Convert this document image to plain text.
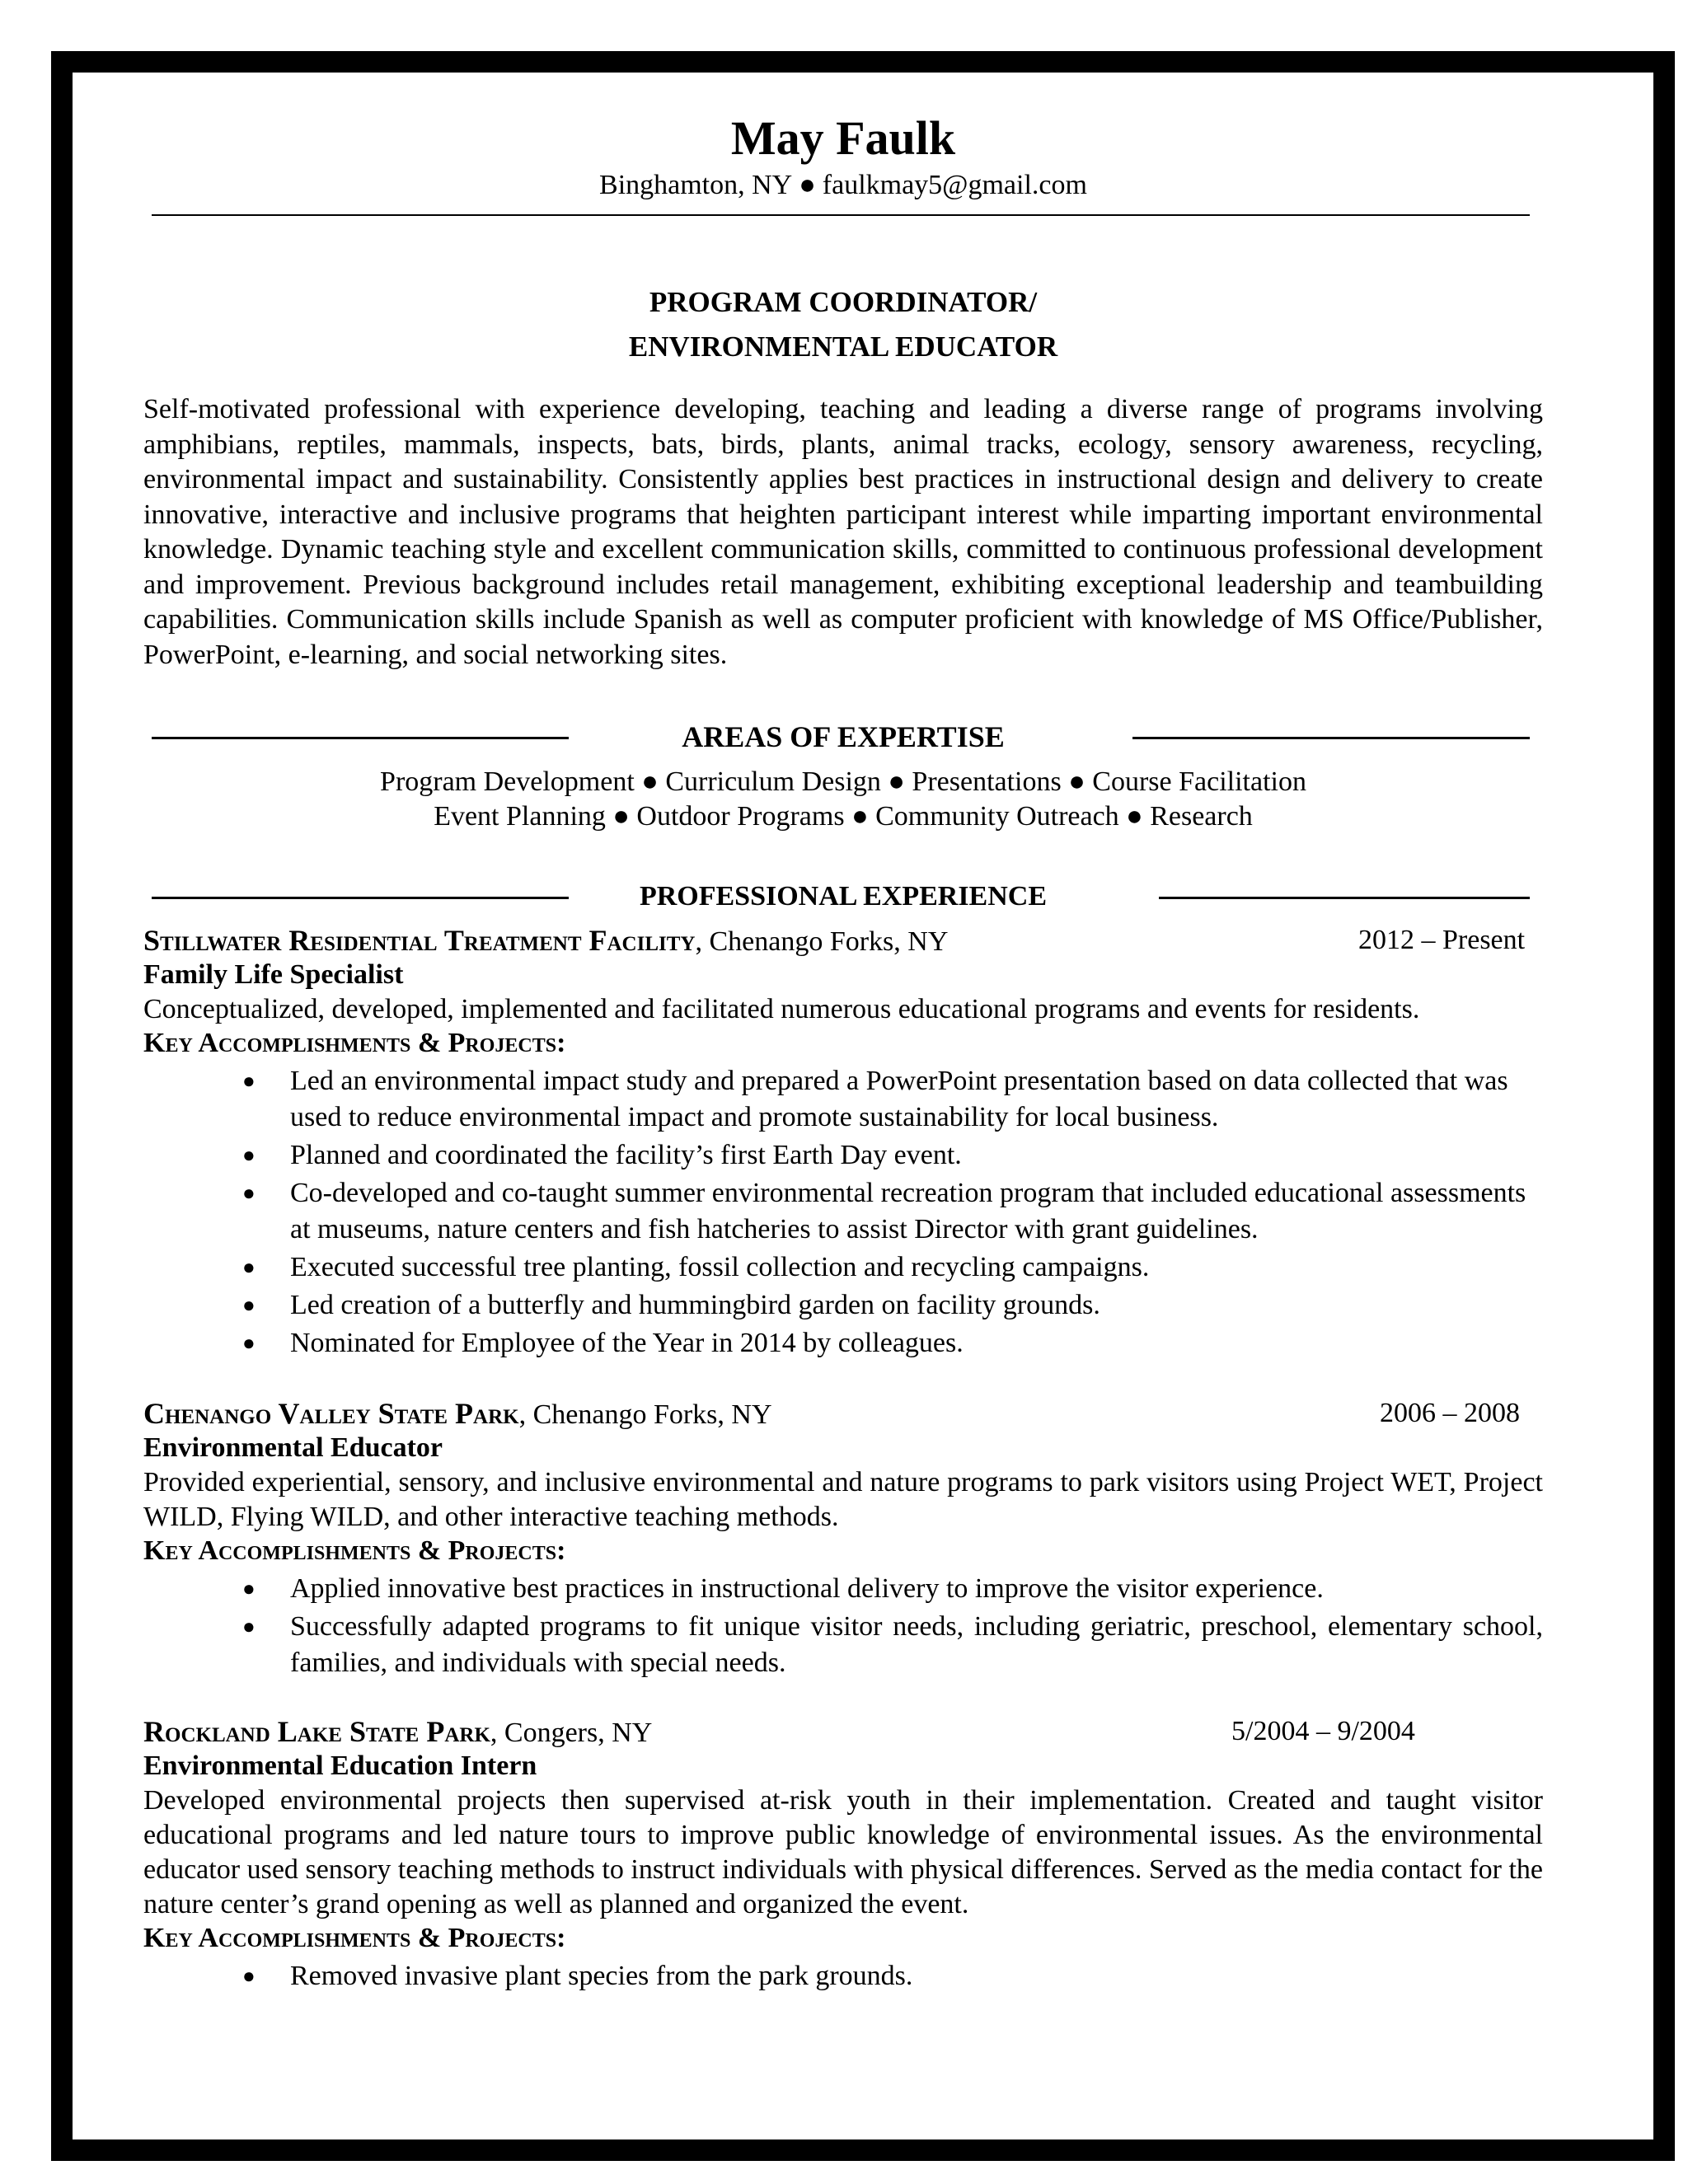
May Faulk
Binghamton, NY ● faulkmay5@gmail.com
PROGRAM COORDINATOR/
ENVIRONMENTAL EDUCATOR
Self-motivated professional with experience developing, teaching and leading a diverse range of programs involving amphibians, reptiles, mammals, inspects, bats, birds, plants, animal tracks, ecology, sensory awareness, recycling, environmental impact and sustainability. Consistently applies best practices in instructional design and delivery to create innovative, interactive and inclusive programs that heighten participant interest while imparting important environmental knowledge. Dynamic teaching style and excellent communication skills, committed to continuous professional development and improvement. Previous background includes retail management, exhibiting exceptional leadership and teambuilding capabilities. Communication skills include Spanish as well as computer proficient with knowledge of MS Office/Publisher, PowerPoint, e-learning, and social networking sites.
AREAS OF EXPERTISE
Program Development ● Curriculum Design ● Presentations ● Course Facilitation
Event Planning ● Outdoor Programs ● Community Outreach ● Research
PROFESSIONAL EXPERIENCE
Stillwater Residential Treatment Facility, Chenango Forks, NY	2012 – Present
Family Life Specialist
Conceptualized, developed, implemented and facilitated numerous educational programs and events for residents.
Key Accomplishments & Projects:
● Led an environmental impact study and prepared a PowerPoint presentation based on data collected that was used to reduce environmental impact and promote sustainability for local business.
● Planned and coordinated the facility’s first Earth Day event.
● Co-developed and co-taught summer environmental recreation program that included educational assessments at museums, nature centers and fish hatcheries to assist Director with grant guidelines.
● Executed successful tree planting, fossil collection and recycling campaigns.
● Led creation of a butterfly and hummingbird garden on facility grounds.
● Nominated for Employee of the Year in 2014 by colleagues.
Chenango Valley State Park, Chenango Forks, NY	2006 – 2008
Environmental Educator
Provided experiential, sensory, and inclusive environmental and nature programs to park visitors using Project WET, Project WILD, Flying WILD, and other interactive teaching methods.
Key Accomplishments & Projects:
● Applied innovative best practices in instructional delivery to improve the visitor experience.
● Successfully adapted programs to fit unique visitor needs, including geriatric, preschool, elementary school, families, and individuals with special needs.
Rockland Lake State Park, Congers, NY	5/2004 – 9/2004
Environmental Education Intern
Developed environmental projects then supervised at-risk youth in their implementation. Created and taught visitor educational programs and led nature tours to improve public knowledge of environmental issues. As the environmental educator used sensory teaching methods to instruct individuals with physical differences. Served as the media contact for the nature center’s grand opening as well as planned and organized the event.
Key Accomplishments & Projects:
● Removed invasive plant species from the park grounds.
